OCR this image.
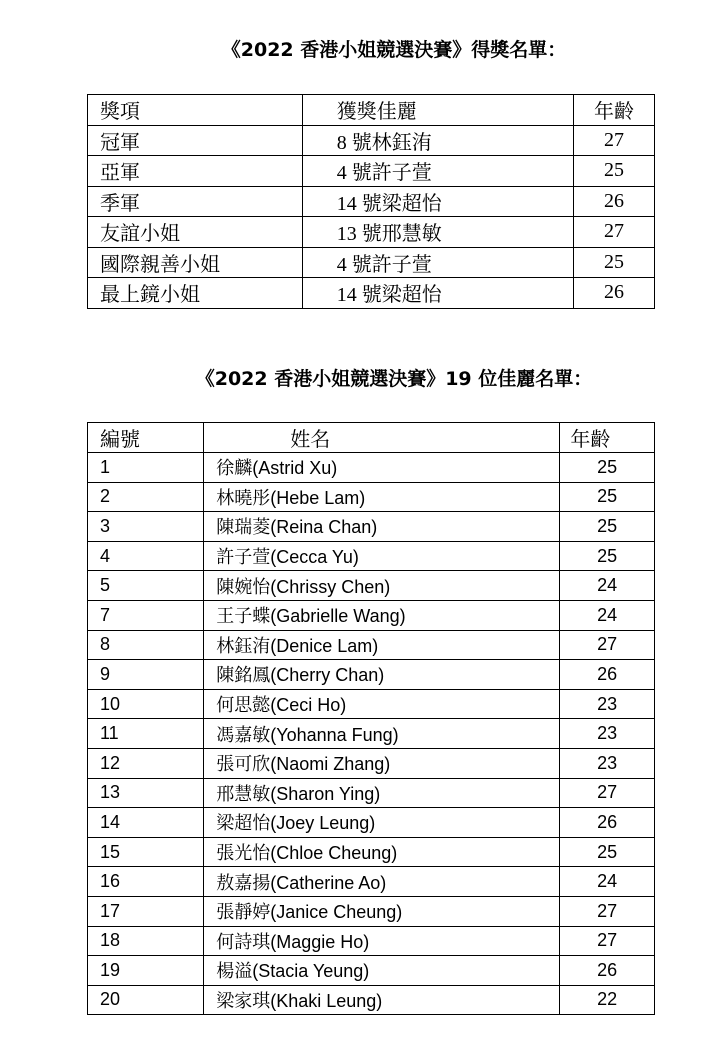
《2022 香港小姐競選決賽》得獎名單：
獎項	獲獎佳麗	年齡
冠軍	8 號林鈺洧	27
亞軍	4 號許子萱	25
季軍	14 號梁超怡	26
友誼小姐	13 號邢慧敏	27
國際親善小姐	4 號許子萱	25
最上鏡小姐	14 號梁超怡	26
《2022 香港小姐競選決賽》19 位佳麗名單：
編號	姓名	年齡
1	徐麟(Astrid Xu)	25
2	林曉彤(Hebe Lam)	25
3	陳瑞菱(Reina Chan)	25
4	許子萱(Cecca Yu)	25
5	陳婉怡(Chrissy Chen)	24
7	王子蝶(Gabrielle Wang)	24
8	林鈺洧(Denice Lam)	27
9	陳銘鳳(Cherry Chan)	26
10	何思懿(Ceci Ho)	23
11	馮嘉敏(Yohanna Fung)	23
12	張可欣(Naomi Zhang)	23
13	邢慧敏(Sharon Ying)	27
14	梁超怡(Joey Leung)	26
15	張光怡(Chloe Cheung)	25
16	敖嘉揚(Catherine Ao)	24
17	張靜婷(Janice Cheung)	27
18	何詩琪(Maggie Ho)	27
19	楊溢(Stacia Yeung)	26
20	梁家琪(Khaki Leung)	22
